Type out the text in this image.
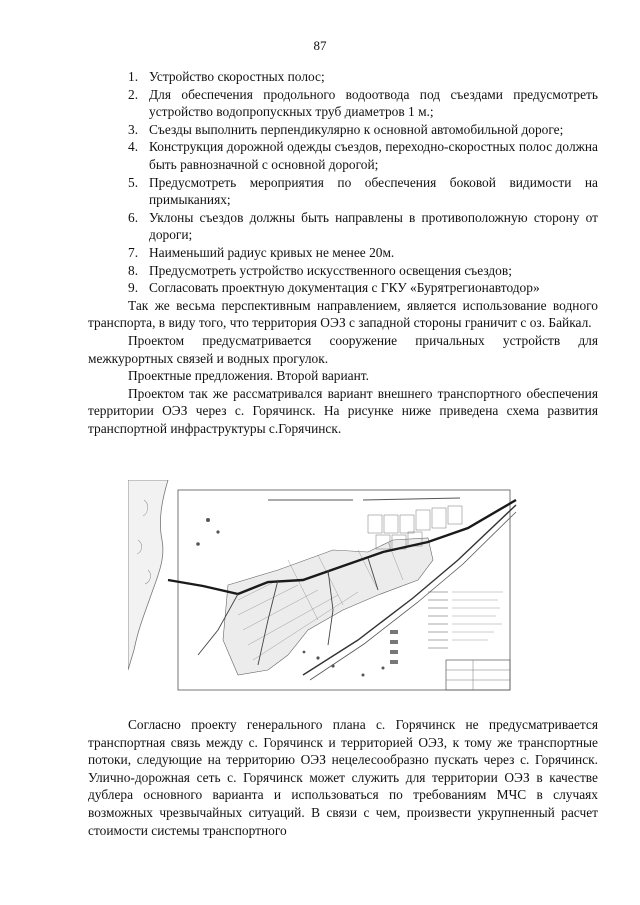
87
1. Устройство скоростных полос;
2. Для обеспечения продольного водоотвода под съездами предусмотреть устройство водопропускных труб диаметров 1 м.;
3. Съезды выполнить перпендикулярно к основной автомобильной дороге;
4. Конструкция дорожной одежды съездов, переходно-скоростных полос должна быть равнозначной с основной дорогой;
5. Предусмотреть мероприятия по обеспечения боковой видимости на примыканиях;
6. Уклоны съездов должны быть направлены в противоположную сторону от дороги;
7. Наименьший радиус кривых не менее 20м.
8. Предусмотреть устройство искусственного освещения съездов;
9. Согласовать проектную документация с ГКУ «Бурятрегионавтодор»

Так же весьма перспективным направлением, является использование водного транспорта, в виду того, что территория ОЭЗ с западной стороны граничит с оз. Байкал.

Проектом предусматривается сооружение причальных устройств для межкурортных связей и водных прогулок.

Проектные предложения. Второй вариант.

Проектом так же рассматривался вариант внешнего транспортного обеспечения территории ОЭЗ через с. Горячинск. На рисунке ниже приведена схема развития транспортной инфраструктуры с.Горячинск.

Согласно проекту генерального плана с. Горячинск не предусматривается транспортная связь между с. Горячинск и территорией ОЭЗ, к тому же транспортные потоки, следующие на территорию ОЭЗ нецелесообразно пускать через с. Горячинск. Улично-дорожная сеть с. Горячинск может служить для территории ОЭЗ в качестве дублера основного варианта и использоваться по требованиям МЧС в случаях возможных чрезвычайных ситуаций. В связи с чем, произвести укрупненный расчет стоимости системы транспортного
